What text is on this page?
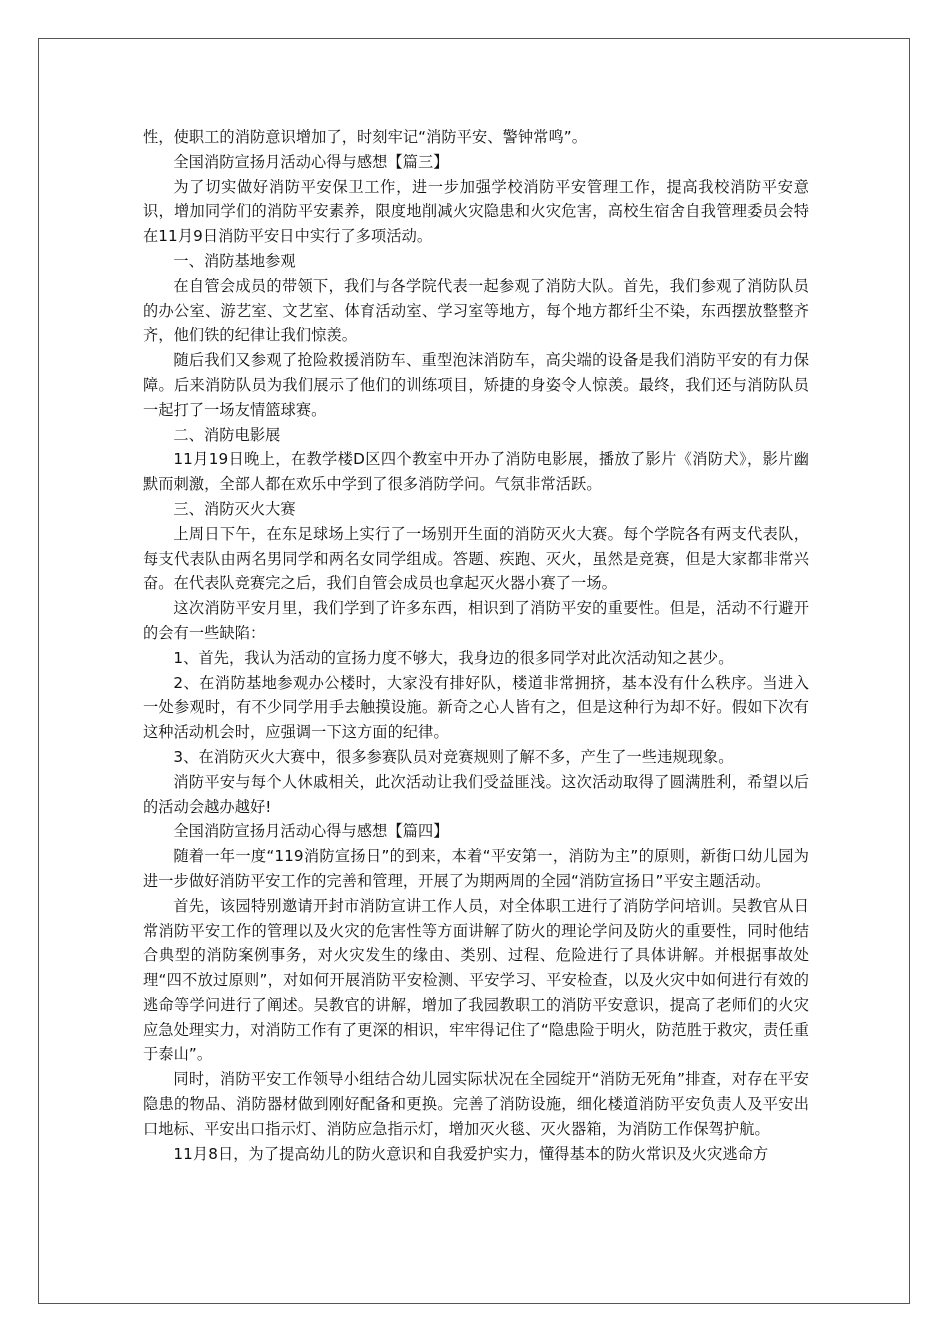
性，使职工的消防意识增加了，时刻牢记“消防平安、警钟常鸣”。

全国消防宣扬月活动心得与感想【篇三】

为了切实做好消防平安保卫工作，进一步加强学校消防平安管理工作，提高我校消防平安意识，增加同学们的消防平安素养，限度地削减火灾隐患和火灾危害，高校生宿舍自我管理委员会特在11月9日消防平安日中实行了多项活动。

一、消防基地参观

在自管会成员的带领下，我们与各学院代表一起参观了消防大队。首先，我们参观了消防队员的办公室、游艺室、文艺室、体育活动室、学习室等地方，每个地方都纤尘不染，东西摆放整整齐齐，他们铁的纪律让我们惊羡。

随后我们又参观了抢险救援消防车、重型泡沫消防车，高尖端的设备是我们消防平安的有力保障。后来消防队员为我们展示了他们的训练项目，矫捷的身姿令人惊羡。最终，我们还与消防队员一起打了一场友情篮球赛。

二、消防电影展

11月19日晚上，在教学楼D区四个教室中开办了消防电影展，播放了影片《消防犬》，影片幽默而刺激，全部人都在欢乐中学到了很多消防学问。气氛非常活跃。

三、消防灭火大赛

上周日下午，在东足球场上实行了一场别开生面的消防灭火大赛。每个学院各有两支代表队，每支代表队由两名男同学和两名女同学组成。答题、疾跑、灭火，虽然是竞赛，但是大家都非常兴奋。在代表队竞赛完之后，我们自管会成员也拿起灭火器小赛了一场。

这次消防平安月里，我们学到了许多东西，相识到了消防平安的重要性。但是，活动不行避开的会有一些缺陷：

1、首先，我认为活动的宣扬力度不够大，我身边的很多同学对此次活动知之甚少。

2、在消防基地参观办公楼时，大家没有排好队，楼道非常拥挤，基本没有什么秩序。当进入一处参观时，有不少同学用手去触摸设施。新奇之心人皆有之，但是这种行为却不好。假如下次有这种活动机会时，应强调一下这方面的纪律。

3、在消防灭火大赛中，很多参赛队员对竞赛规则了解不多，产生了一些违规现象。

消防平安与每个人休戚相关，此次活动让我们受益匪浅。这次活动取得了圆满胜利，希望以后的活动会越办越好!

全国消防宣扬月活动心得与感想【篇四】

随着一年一度“119消防宣扬日”的到来，本着“平安第一，消防为主”的原则，新街口幼儿园为进一步做好消防平安工作的完善和管理，开展了为期两周的全园“消防宣扬日”平安主题活动。

首先，该园特别邀请开封市消防宣讲工作人员，对全体职工进行了消防学问培训。吴教官从日常消防平安工作的管理以及火灾的危害性等方面讲解了防火的理论学问及防火的重要性，同时他结合典型的消防案例事务，对火灾发生的缘由、类别、过程、危险进行了具体讲解。并根据事故处理“四不放过原则”，对如何开展消防平安检测、平安学习、平安检查，以及火灾中如何进行有效的逃命等学问进行了阐述。吴教官的讲解，增加了我园教职工的消防平安意识，提高了老师们的火灾应急处理实力，对消防工作有了更深的相识，牢牢得记住了“隐患险于明火，防范胜于救灾，责任重于泰山”。

同时，消防平安工作领导小组结合幼儿园实际状况在全园绽开“消防无死角”排查，对存在平安隐患的物品、消防器材做到刚好配备和更换。完善了消防设施，细化楼道消防平安负责人及平安出口地标、平安出口指示灯、消防应急指示灯，增加灭火毯、灭火器箱，为消防工作保驾护航。

11月8日，为了提高幼儿的防火意识和自我爱护实力，懂得基本的防火常识及火灾逃命方
